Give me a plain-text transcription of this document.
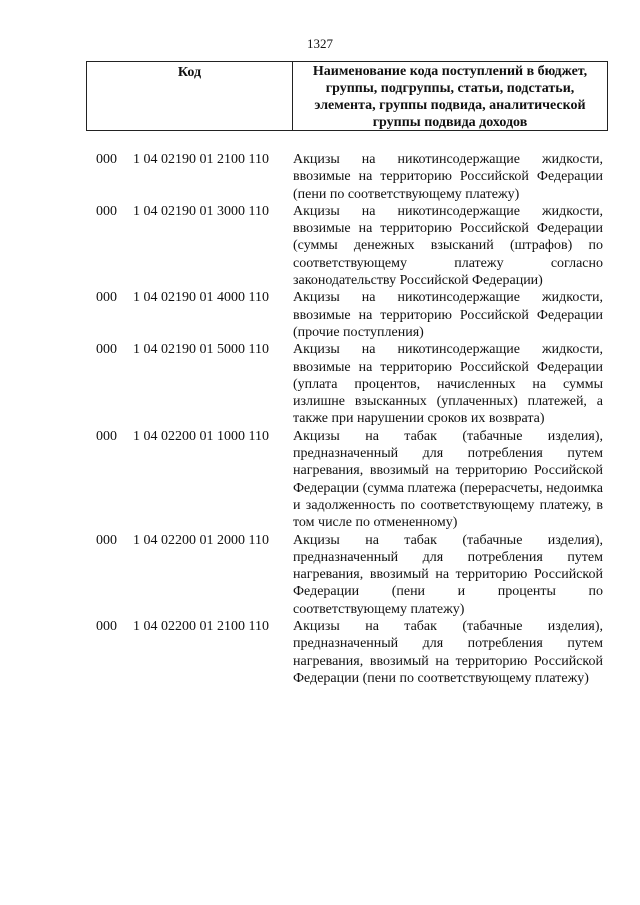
1327
Код	Наименование кода поступлений в бюджет, группы, подгруппы, статьи, подстатьи, элемента, группы подвида, аналитической группы подвида доходов
000	1 04 02190 01 2100 110	Акцизы на никотинсодержащие жидкости, ввозимые на территорию Российской Федерации (пени по соответствующему платежу)
000	1 04 02190 01 3000 110	Акцизы на никотинсодержащие жидкости, ввозимые на территорию Российской Федерации (суммы денежных взысканий (штрафов) по соответствующему платежу согласно законодательству Российской Федерации)
000	1 04 02190 01 4000 110	Акцизы на никотинсодержащие жидкости, ввозимые на территорию Российской Федерации (прочие поступления)
000	1 04 02190 01 5000 110	Акцизы на никотинсодержащие жидкости, ввозимые на территорию Российской Федерации (уплата процентов, начисленных на суммы излишне взысканных (уплаченных) платежей, а также при нарушении сроков их возврата)
000	1 04 02200 01 1000 110	Акцизы на табак (табачные изделия), предназначенный для потребления путем нагревания, ввозимый на территорию Российской Федерации (сумма платежа (перерасчеты, недоимка и задолженность по соответствующему платежу, в том числе по отмененному)
000	1 04 02200 01 2000 110	Акцизы на табак (табачные изделия), предназначенный для потребления путем нагревания, ввозимый на территорию Российской Федерации (пени и проценты по соответствующему платежу)
000	1 04 02200 01 2100 110	Акцизы на табак (табачные изделия), предназначенный для потребления путем нагревания, ввозимый на территорию Российской Федерации (пени по соответствующему платежу)
